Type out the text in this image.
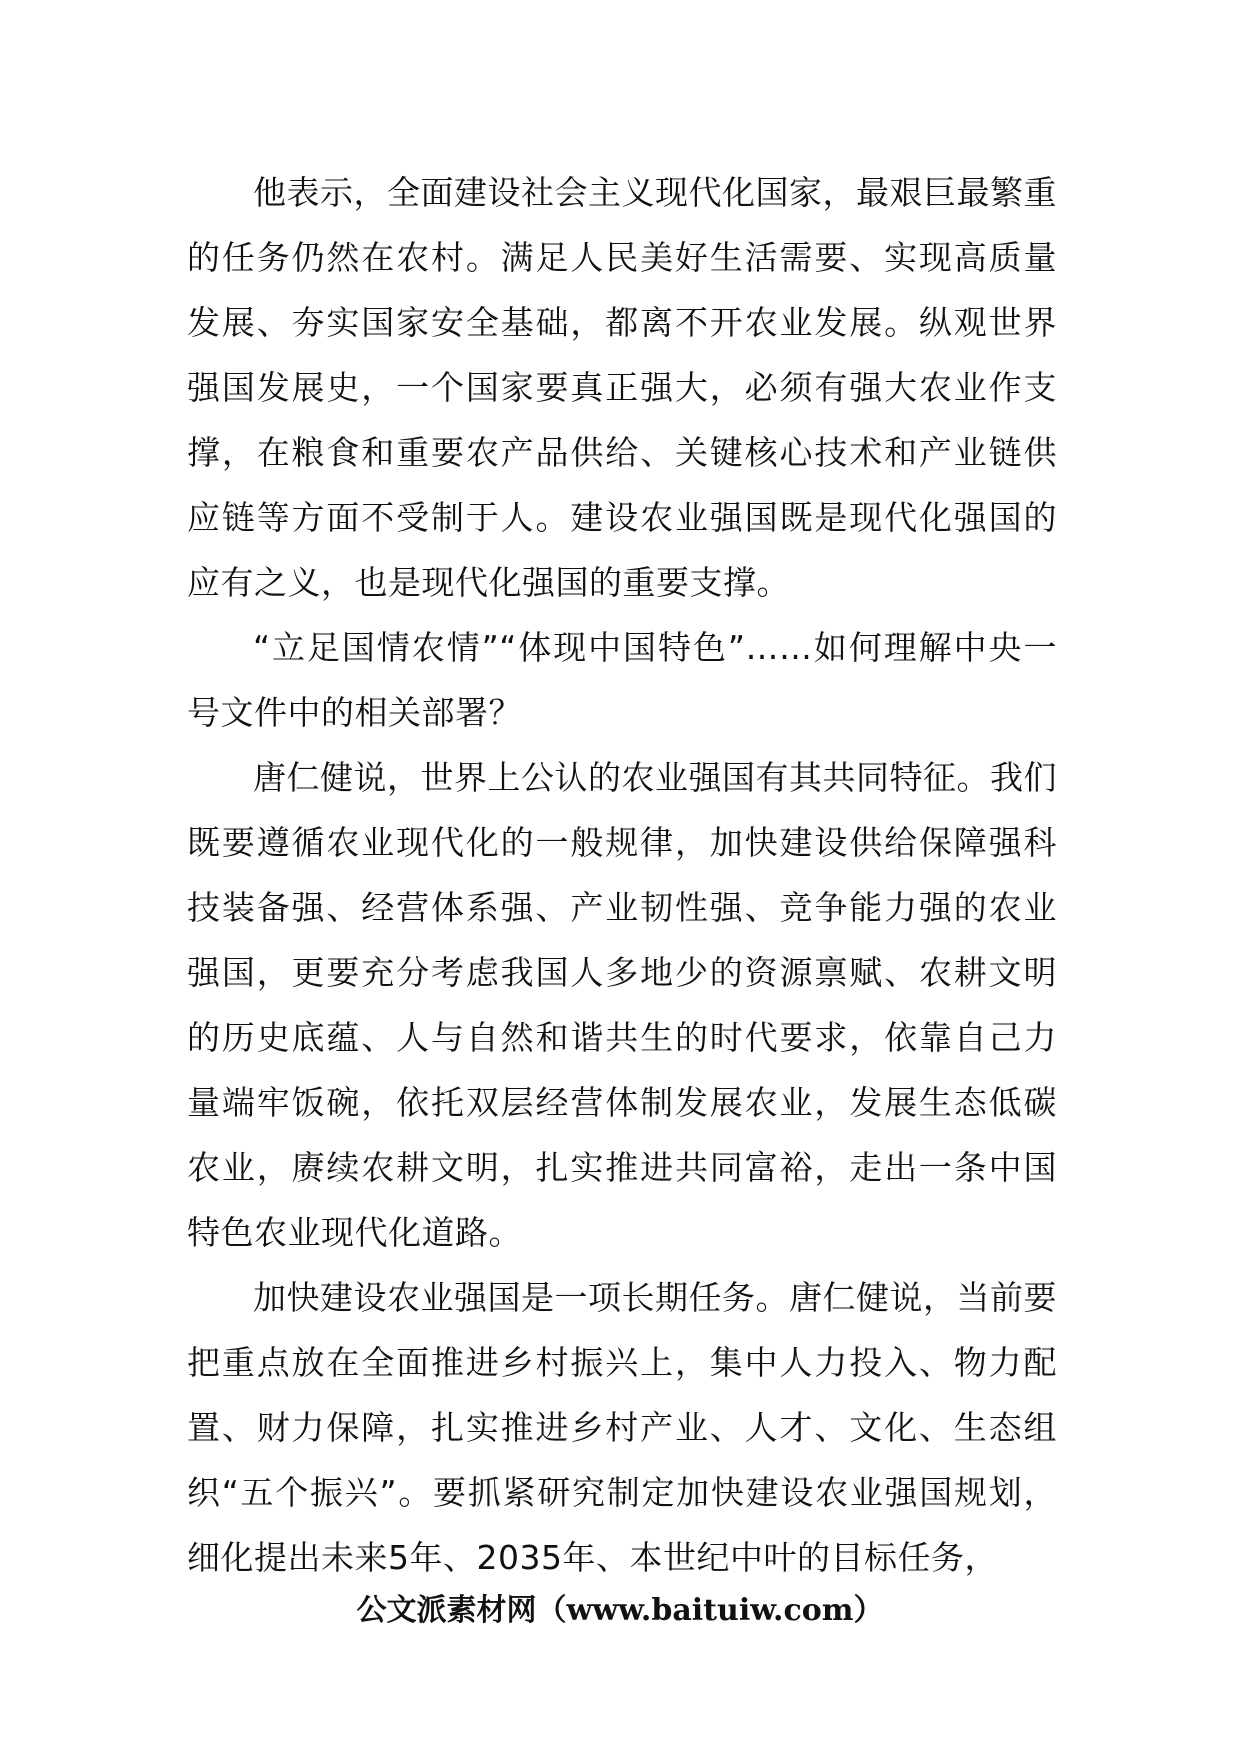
他表示，全面建设社会主义现代化国家，最艰巨最繁重的任务仍然在农村。满足人民美好生活需要、实现高质量发展、夯实国家安全基础，都离不开农业发展。纵观世界强国发展史，一个国家要真正强大，必须有强大农业作支撑，在粮食和重要农产品供给、关键核心技术和产业链供应链等方面不受制于人。建设农业强国既是现代化强国的应有之义，也是现代化强国的重要支撑。

“立足国情农情”“体现中国特色”……如何理解中央一号文件中的相关部署？

唐仁健说，世界上公认的农业强国有其共同特征。我们既要遵循农业现代化的一般规律，加快建设供给保障强科技装备强、经营体系强、产业韧性强、竞争能力强的农业强国，更要充分考虑我国人多地少的资源禀赋、农耕文明的历史底蕴、人与自然和谐共生的时代要求，依靠自己力量端牢饭碗，依托双层经营体制发展农业，发展生态低碳农业，赓续农耕文明，扎实推进共同富裕，走出一条中国特色农业现代化道路。

加快建设农业强国是一项长期任务。唐仁健说，当前要把重点放在全面推进乡村振兴上，集中人力投入、物力配置、财力保障，扎实推进乡村产业、人才、文化、生态组织“五个振兴”。要抓紧研究制定加快建设农业强国规划，细化提出未来5年、2035年、本世纪中叶的目标任务，

公文派素材网（www.baituiw.com）
